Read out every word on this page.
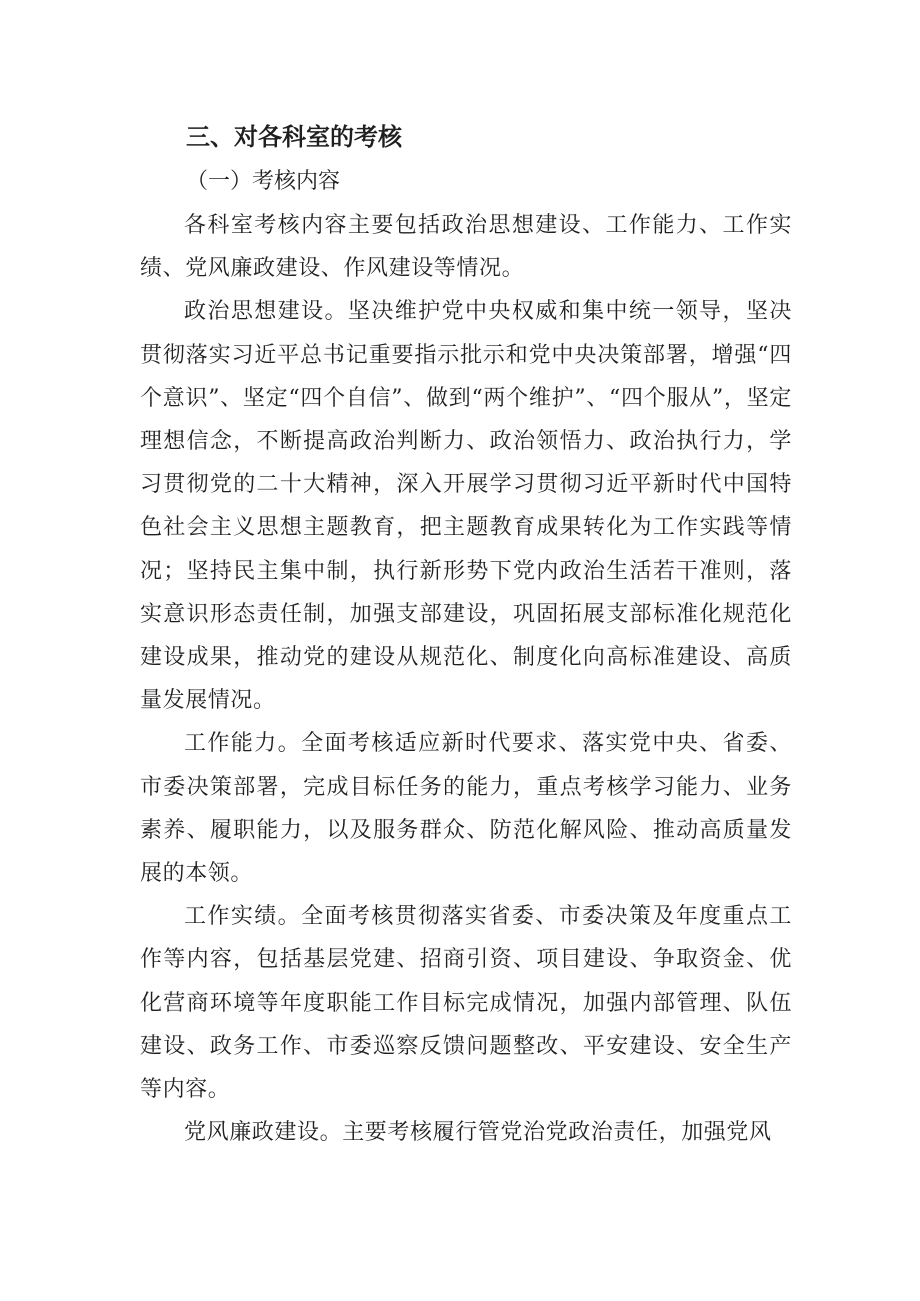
三、对各科室的考核
（一）考核内容

各科室考核内容主要包括政治思想建设、工作能力、工作实绩、党风廉政建设、作风建设等情况。

政治思想建设。坚决维护党中央权威和集中统一领导，坚决贯彻落实习近平总书记重要指示批示和党中央决策部署，增强“四个意识”、坚定“四个自信”、做到“两个维护”、“四个服从”，坚定理想信念，不断提高政治判断力、政治领悟力、政治执行力，学习贯彻党的二十大精神，深入开展学习贯彻习近平新时代中国特色社会主义思想主题教育，把主题教育成果转化为工作实践等情况；坚持民主集中制，执行新形势下党内政治生活若干准则，落实意识形态责任制，加强支部建设，巩固拓展支部标准化规范化建设成果，推动党的建设从规范化、制度化向高标准建设、高质量发展情况。

工作能力。全面考核适应新时代要求、落实党中央、省委、市委决策部署，完成目标任务的能力，重点考核学习能力、业务素养、履职能力，以及服务群众、防范化解风险、推动高质量发展的本领。

工作实绩。全面考核贯彻落实省委、市委决策及年度重点工作等内容，包括基层党建、招商引资、项目建设、争取资金、优化营商环境等年度职能工作目标完成情况，加强内部管理、队伍建设、政务工作、市委巡察反馈问题整改、平安建设、安全生产等内容。

党风廉政建设。主要考核履行管党治党政治责任，加强党风
